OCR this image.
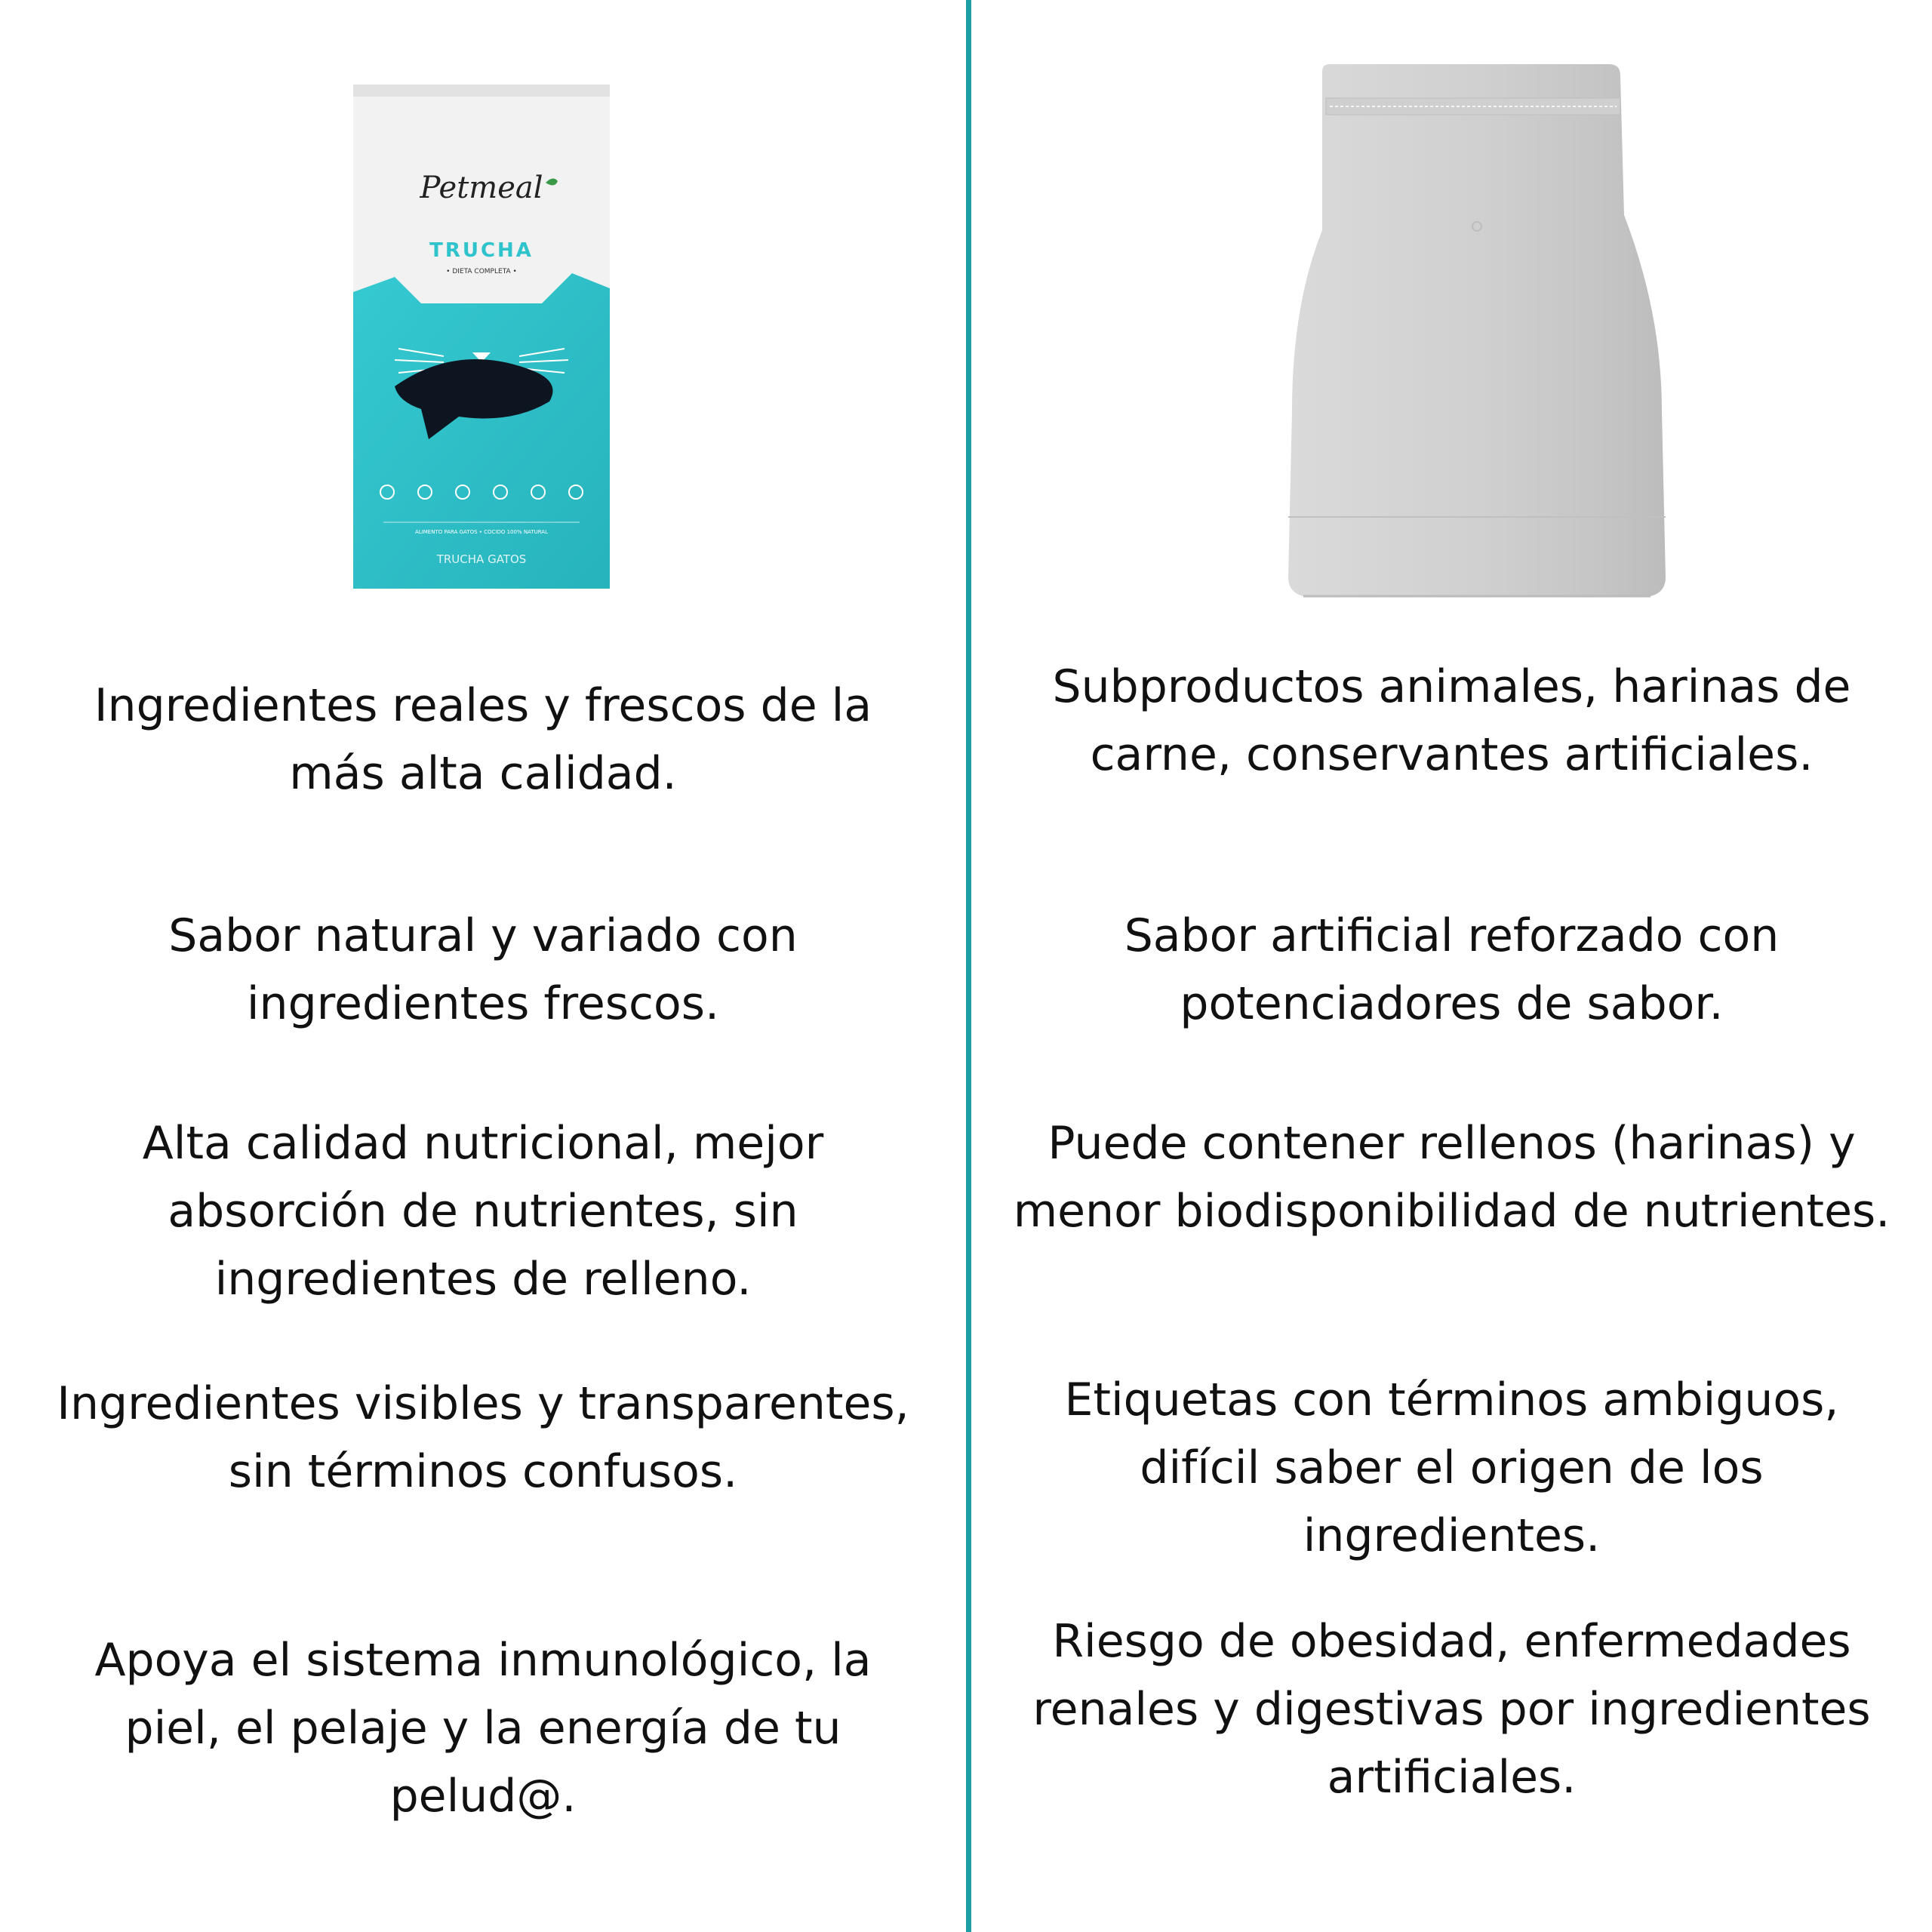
Petmeal
TRUCHA
• DIETA COMPLETA •
ALIMENTO PARA GATOS • COCIDO 100% NATURAL
TRUCHA GATOS
Ingredientes reales y frescos de la más alta calidad.
Sabor natural y variado con ingredientes frescos.
Alta calidad nutricional, mejor absorción de nutrientes, sin ingredientes de relleno.
Ingredientes visibles y transparentes, sin términos confusos.
Apoya el sistema inmunológico, la piel, el pelaje y la energía de tu pelud@.
Subproductos animales, harinas de carne, conservantes artificiales.
Sabor artificial reforzado con potenciadores de sabor.
Puede contener rellenos (harinas) y menor biodisponibilidad de nutrientes.
Etiquetas con términos ambiguos, difícil saber el origen de los ingredientes.
Riesgo de obesidad, enfermedades renales y digestivas por ingredientes artificiales.
